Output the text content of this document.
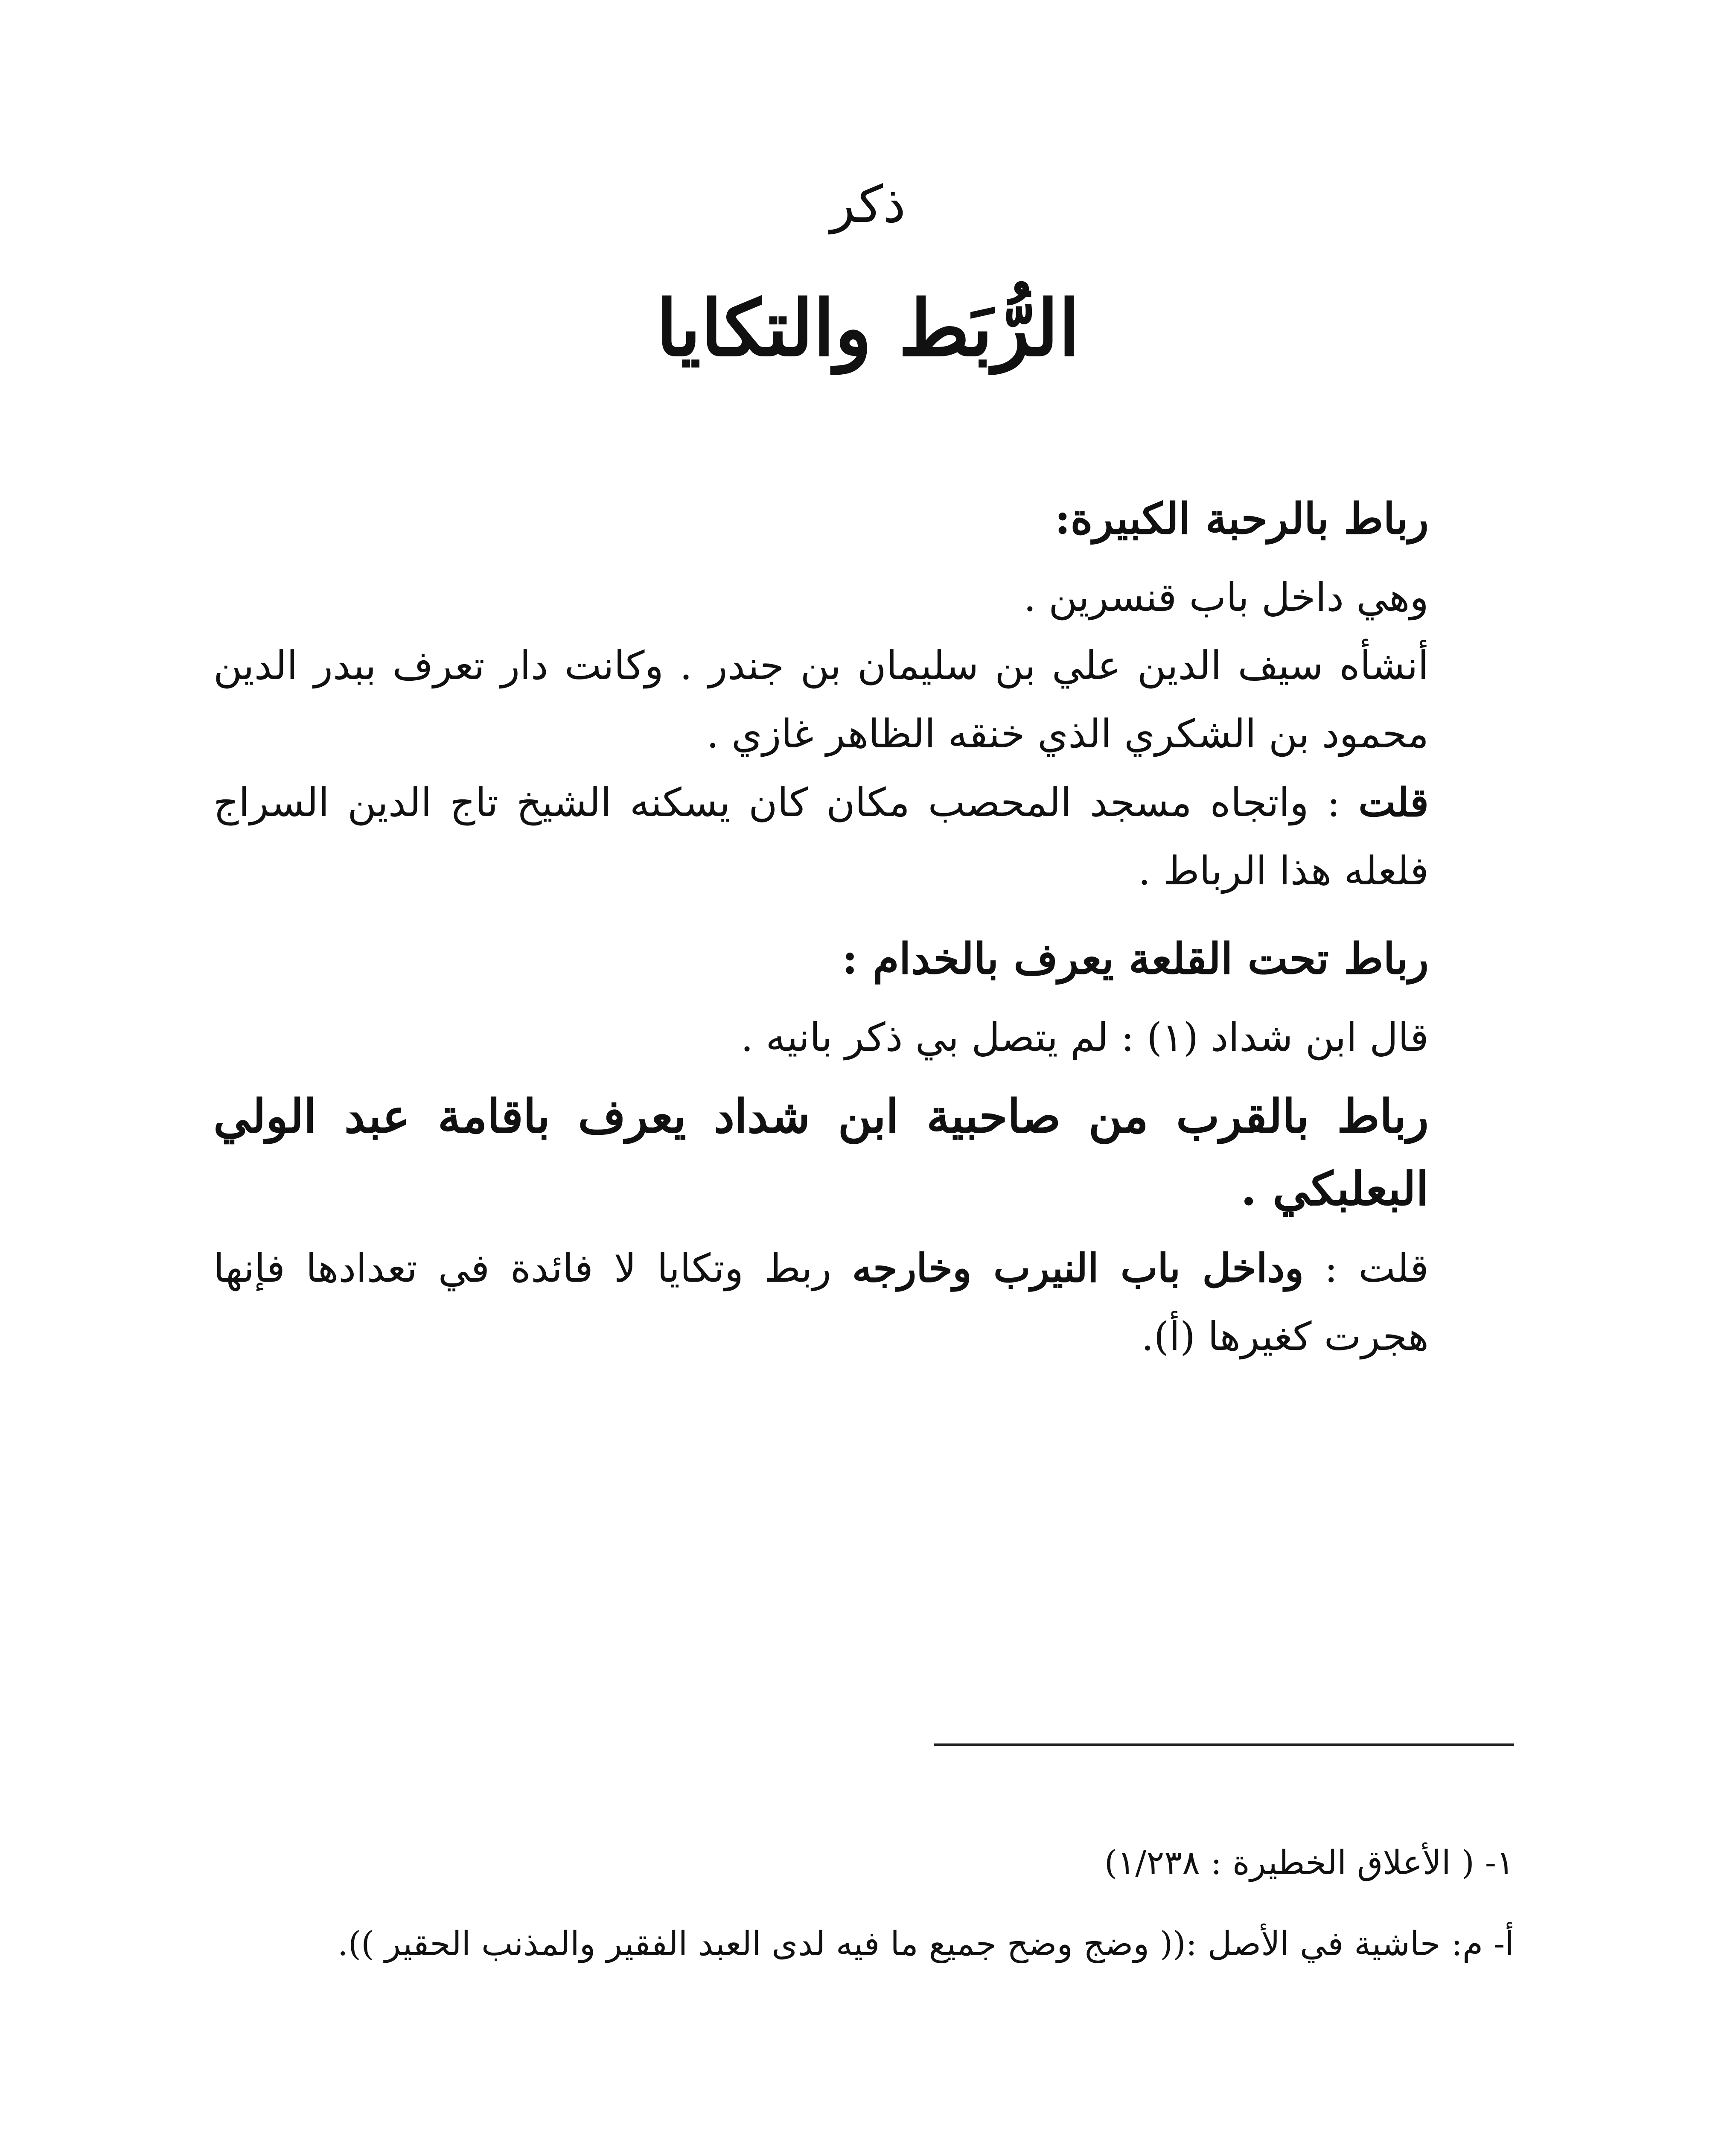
ذكر

الرُّبَط والتكايا

رباط بالرحبة الكبيرة:

وهي داخل باب قنسرين .

أنشأه سيف الدين علي بن سليمان بن جندر . وكانت دار تعرف ببدر الدين محمود بن الشكري الذي خنقه الظاهر غازي .

قلت : واتجاه مسجد المحصب مكان كان يسكنه الشيخ تاج الدين السراج فلعله هذا الرباط .

رباط تحت القلعة يعرف بالخدام :

قال ابن شداد (١) : لم يتصل بي ذكر بانيه .

رباط بالقرب من صاحبية ابن شداد يعرف باقامة عبد الولي البعلبكي .

قلت : وداخل باب النيرب وخارجه ربط وتكايا لا فائدة في تعدادها فإنها هجرت كغيرها (أ).

١- ( الأعلاق الخطيرة : ١/٢٣٨)

أ- م: حاشية في الأصل :(( وضج وضح جميع ما فيه لدى العبد الفقير والمذنب الحقير )).
